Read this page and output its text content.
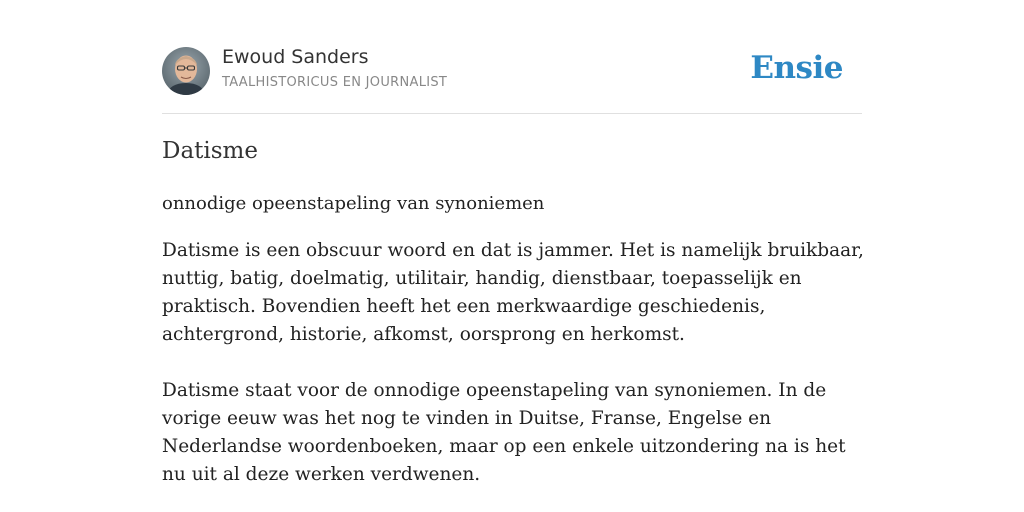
Ewoud Sanders
TAALHISTORICUS EN JOURNALIST	Ensie
Datisme

onnodige opeenstapeling van synoniemen

Datisme is een obscuur woord en dat is jammer. Het is namelijk bruikbaar, nuttig, batig, doelmatig, utilitair, handig, dienstbaar, toepasselijk en praktisch. Bovendien heeft het een merkwaardige geschiedenis, achtergrond, historie, afkomst, oorsprong en herkomst.

Datisme staat voor de onnodige opeenstapeling van synoniemen. In de vorige eeuw was het nog te vinden in Duitse, Franse, Engelse en Nederlandse woordenboeken, maar op een enkele uitzondering na is het nu uit al deze werken verdwenen.
